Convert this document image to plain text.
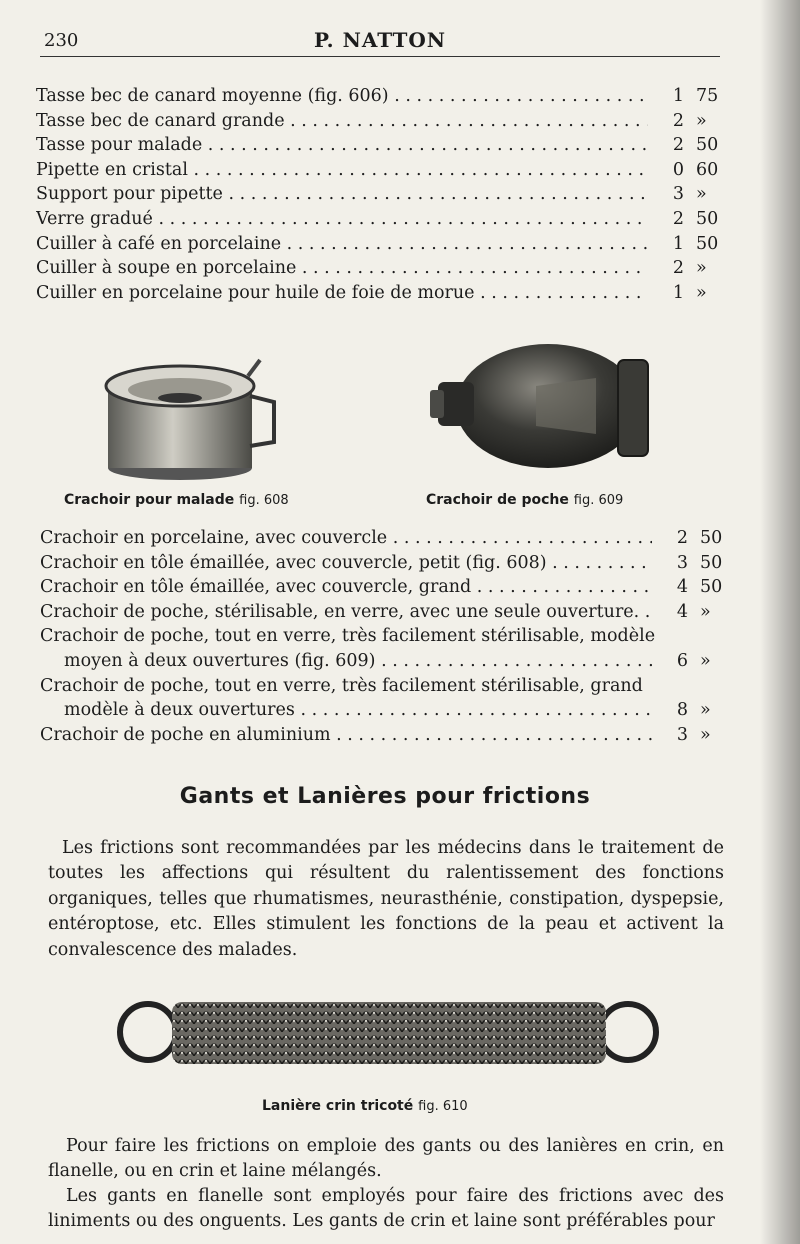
230	P. NATTON
Tasse bec de canard moyenne (fig. 606) . . .	1 75
Tasse bec de canard grande . . .	2 »
Tasse pour malade . . .	2 50
Pipette en cristal . . .	0 60
Support pour pipette . . .	3 »
Verre gradué . . .	2 50
Cuiller à café en porcelaine . . .	1 50
Cuiller à soupe en porcelaine . . .	2 »
Cuiller en porcelaine pour huile de foie de morue . . .	1 »
Crachoir pour malade fig. 608	Crachoir de poche fig. 609
Crachoir en porcelaine, avec couvercle . . .	2 50
Crachoir en tôle émaillée, avec couvercle, petit (fig. 608) . . .	3 50
Crachoir en tôle émaillée, avec couvercle, grand . . .	4 50
Crachoir de poche, stérilisable, en verre, avec une seule ouverture. . . .	4 »
Crachoir de poche, tout en verre, très facilement stérilisable, modèle
moyen à deux ouvertures (fig. 609) . . .	6 »
Crachoir de poche, tout en verre, très facilement stérilisable, grand
modèle à deux ouvertures . . .	8 »
Crachoir de poche en aluminium . . .	3 »
Gants et Lanières pour frictions
Les frictions sont recommandées par les médecins dans le traitement de toutes les affections qui résultent du ralentissement des fonctions organiques, telles que rhumatismes, neurasthénie, constipation, dyspepsie, entéroptose, etc. Elles stimulent les fonctions de la peau et activent la convalescence des malades.
Lanière crin tricoté fig. 610
Pour faire les frictions on emploie des gants ou des lanières en crin, en flanelle, ou en crin et laine mélangés.
Les gants en flanelle sont employés pour faire des frictions avec des liniments ou des onguents. Les gants de crin et laine sont préférables pour
